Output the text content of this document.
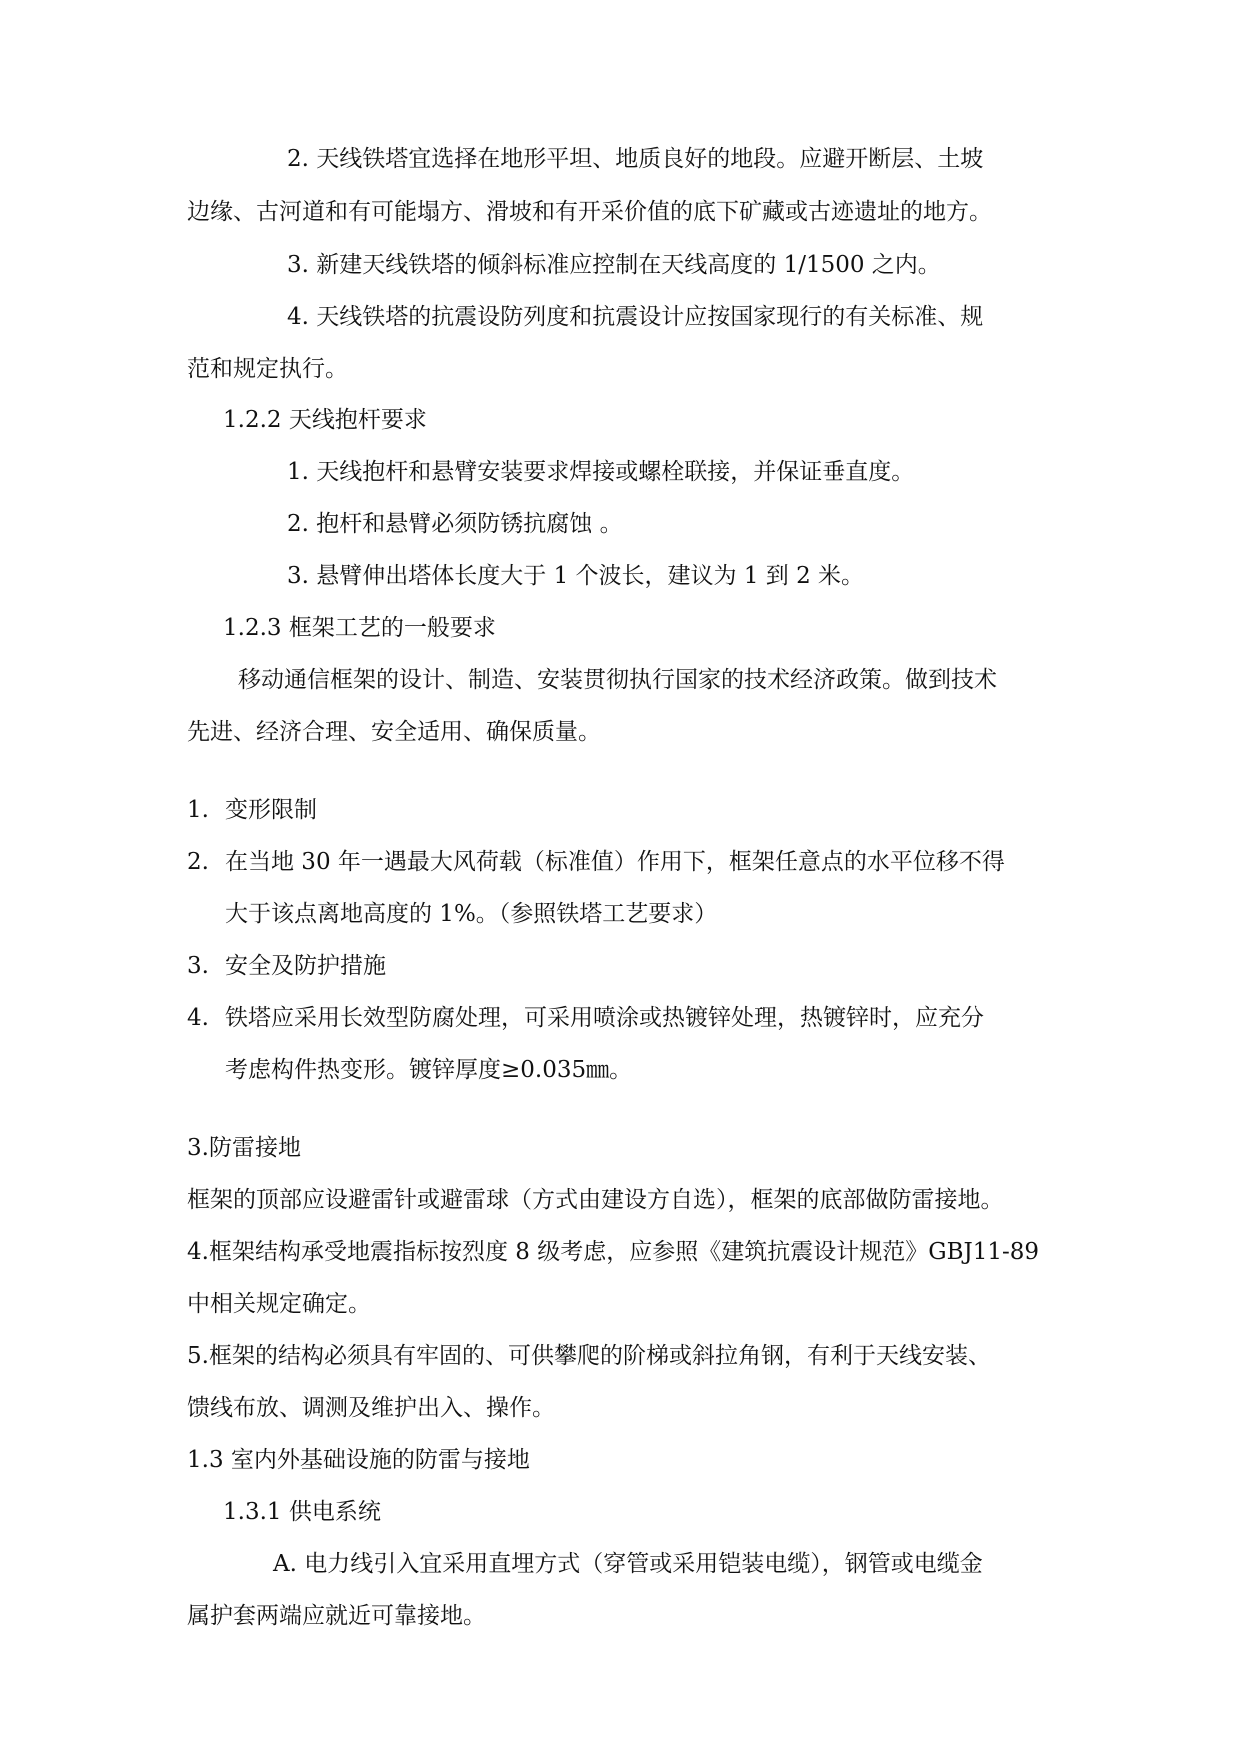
2. 天线铁塔宜选择在地形平坦、地质良好的地段。应避开断层、土坡
边缘、古河道和有可能塌方、滑坡和有开采价值的底下矿藏或古迹遗址的地方。
3. 新建天线铁塔的倾斜标准应控制在天线高度的 1/1500 之内。
4. 天线铁塔的抗震设防列度和抗震设计应按国家现行的有关标准、规
范和规定执行。
1.2.2 天线抱杆要求
1. 天线抱杆和悬臂安装要求焊接或螺栓联接，并保证垂直度。
2. 抱杆和悬臂必须防锈抗腐蚀 。
3. 悬臂伸出塔体长度大于 1 个波长，建议为 1 到 2 米。
1.2.3 框架工艺的一般要求
移动通信框架的设计、制造、安装贯彻执行国家的技术经济政策。做到技术
先进、经济合理、安全适用、确保质量。
1. 变形限制
2. 在当地 30 年一遇最大风荷载（标准值）作用下，框架任意点的水平位移不得
大于该点离地高度的 1%。（参照铁塔工艺要求）
3. 安全及防护措施
4. 铁塔应采用长效型防腐处理，可采用喷涂或热镀锌处理，热镀锌时，应充分
考虑构件热变形。镀锌厚度≥0.035㎜。
3.防雷接地
框架的顶部应设避雷针或避雷球（方式由建设方自选），框架的底部做防雷接地。
4.框架结构承受地震指标按烈度 8 级考虑，应参照《建筑抗震设计规范》GBJ11-89
中相关规定确定。
5.框架的结构必须具有牢固的、可供攀爬的阶梯或斜拉角钢，有利于天线安装、
馈线布放、调测及维护出入、操作。
1.3 室内外基础设施的防雷与接地
1.3.1 供电系统
A. 电力线引入宜采用直埋方式（穿管或采用铠装电缆），钢管或电缆金
属护套两端应就近可靠接地。
